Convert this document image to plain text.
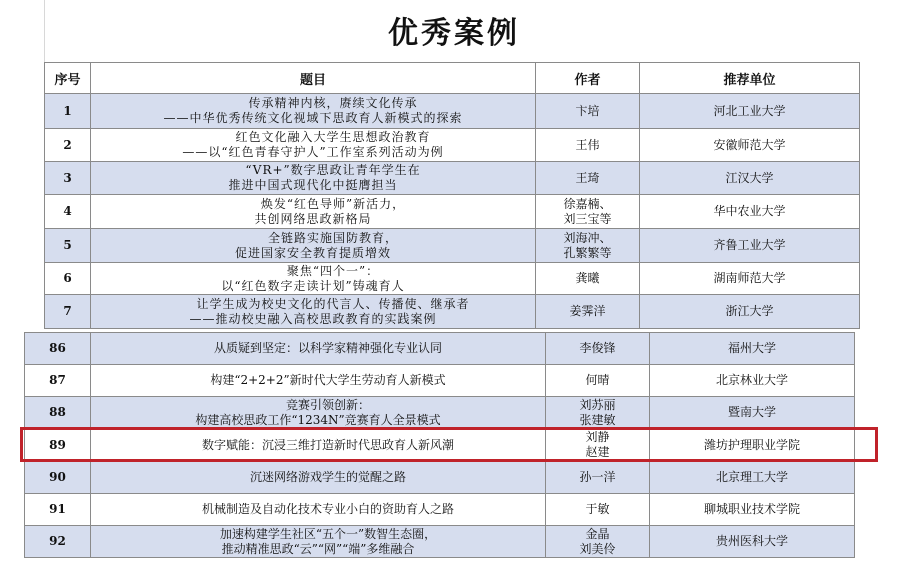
优秀案例
序号	题目	作者	推荐单位
1	传承精神内核，赓续文化传承
——中华优秀传统文化视域下思政育人新模式的探索	卞培	河北工业大学
2	红色文化融入大学生思想政治教育
——以“红色青春守护人”工作室系列活动为例	王伟	安徽师范大学
3	“VR+”数字思政让青年学生在
推进中国式现代化中挺膺担当	王琦	江汉大学
4	焕发“红色导师”新活力，
共创网络思政新格局	徐嘉楠、
刘三宝等	华中农业大学
5	全链路实施国防教育，
促进国家安全教育提质增效	刘海冲、
孔繁繁等	齐鲁工业大学
6	聚焦“四个一”：
以“红色数字走读计划”铸魂育人	龚曦	湖南师范大学
7	让学生成为校史文化的代言人、传播使、继承者
——推动校史融入高校思政教育的实践案例	姜霁洋	浙江大学
86	从质疑到坚定：以科学家精神强化专业认同	李俊锋	福州大学
87	构建“2+2+2”新时代大学生劳动育人新模式	何晴	北京林业大学
88	竞赛引领创新：
构建高校思政工作“1234N”竞赛育人全景模式	刘苏丽
张建敏	暨南大学
89	数字赋能：沉浸三维打造新时代思政育人新风潮	刘静
赵建	潍坊护理职业学院
90	沉迷网络游戏学生的觉醒之路	孙一洋	北京理工大学
91	机械制造及自动化技术专业小白的资助育人之路	于敏	聊城职业技术学院
92	加速构建学生社区“五个一”数智生态圈，
推动精准思政“云”“网”“端”多维融合	金晶
刘美伶	贵州医科大学
